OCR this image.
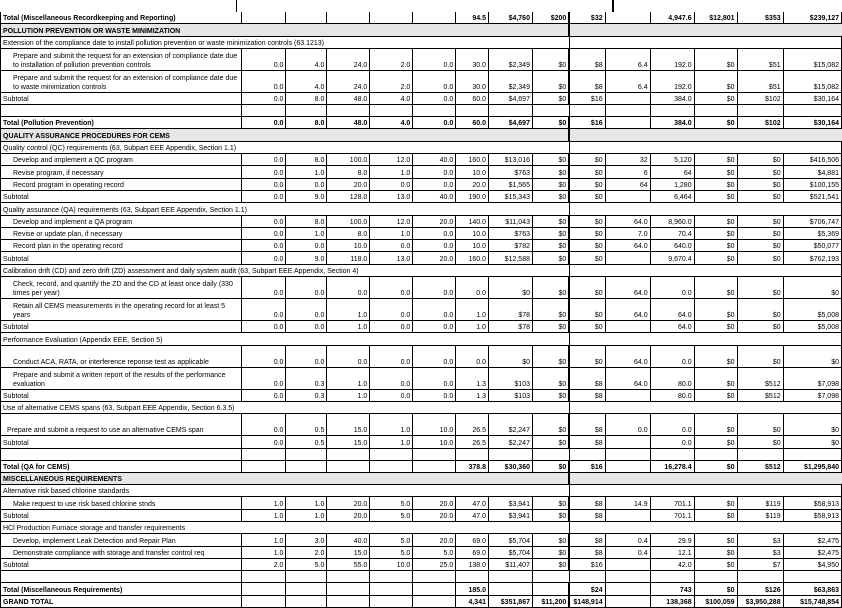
Total (Miscellaneous Recordkeeping and Reporting)						94.5	$4,760	$200	$32		4,947.6	$12,801	$353	$239,127
POLLUTION PREVENTION OR WASTE MINIMIZATION														
Extension of the compliance date to install pollution prevention or waste minimization controls (63.1213)														
Prepare and submit the request for an extension of compliance date due to installation of pollution prevention controls	0.0	4.0	24.0	2.0	0.0	30.0	$2,349	$0	$8	6.4	192.0	$0	$51	$15,082
Prepare and submit the request for an extension of compliance date due to waste minimization controls	0.0	4.0	24.0	2.0	0.0	30.0	$2,349	$0	$8	6.4	192.0	$0	$51	$15,082
Subtotal	0.0	8.0	48.0	4.0	0.0	60.0	$4,697	$0	$16		384.0	$0	$102	$30,164

Total (Pollution Prevention)	0.0	8.0	48.0	4.0	0.0	60.0	$4,697	$0	$16		384.0	$0	$102	$30,164
QUALITY ASSURANCE PROCEDURES FOR CEMS														
Quality control (QC) requirements (63, Subpart EEE Appendix, Section 1.1)														
Develop and implement a QC program	0.0	8.0	100.0	12.0	40.0	160.0	$13,016	$0	$0	32	5,120	$0	$0	$416,506
Revise program, if necessary	0.0	1.0	8.0	1.0	0.0	10.0	$763	$0	$0	6	64	$0	$0	$4,881
Record program in operating record	0.0	0.0	20.0	0.0	0.0	20.0	$1,565	$0	$0	64	1,280	$0	$0	$100,155
Subtotal	0.0	9.0	128.0	13.0	40.0	190.0	$15,343	$0	$0		6,464	$0	$0	$521,541
Quality assurance (QA) requirements (63, Subpart EEE Appendix, Section 1.1)														
Develop and implement a QA program	0.0	8.0	100.0	12.0	20.0	140.0	$11,043	$0	$0	64.0	8,960.0	$0	$0	$706,747
Revise or update plan, if necessary	0.0	1.0	8.0	1.0	0.0	10.0	$763	$0	$0	7.0	70.4	$0	$0	$5,369
Record plan in the operating record	0.0	0.0	10.0	0.0	0.0	10.0	$782	$0	$0	64.0	640.0	$0	$0	$50,077
Subtotal	0.0	9.0	118.0	13.0	20.0	160.0	$12,588	$0	$0		9,670.4	$0	$0	$762,193
Calibration drift (CD) and zero drift (ZD) assessment and daily system audit (63, Subpart EEE Appendix, Section 4)														
Check, record, and quantify the ZD and the CD at least once daily (330 times per year)	0.0	0.0	0.0	0.0	0.0	0.0	$0	$0	$0	64.0	0.0	$0	$0	$0
Retain all CEMS measurements in the operating record for at least 5 years	0.0	0.0	1.0	0.0	0.0	1.0	$78	$0	$0	64.0	64.0	$0	$0	$5,008
Subtotal	0.0	0.0	1.0	0.0	0.0	1.0	$78	$0	$0		64.0	$0	$0	$5,008
Performance Evaluation (Appendix EEE, Section 5)														
Conduct ACA, RATA, or interference reponse test as applicable	0.0	0.0	0.0	0.0	0.0	0.0	$0	$0	$0	64.0	0.0	$0	$0	$0
Prepare and submit a written report of the results of the performance evaluation	0.0	0.3	1.0	0.0	0.0	1.3	$103	$0	$8	64.0	80.0	$0	$512	$7,098
Subtotal	0.0	0.3	1.0	0.0	0.0	1.3	$103	$0	$8		80.0	$0	$512	$7,098
Use of alternative CEMS spans (63, Subpart EEE Appendix, Section 6.3.5)														
Prepare and submit a request to use an alternative CEMS span	0.0	0.5	15.0	1.0	10.0	26.5	$2,247	$0	$8	0.0	0.0	$0	$0	$0
Subtotal	0.0	0.5	15.0	1.0	10.0	26.5	$2,247	$0	$8		0.0	$0	$0	$0

Total (QA for CEMS)						378.8	$30,360	$0	$16		16,278.4	$0	$512	$1,295,840
MISCELLANEOUS REQUIREMENTS														
Alternative risk based chlorine standards														
Make request to use risk based chlorine stnds	1.0	1.0	20.0	5.0	20.0	47.0	$3,941	$0	$8	14.9	701.1	$0	$119	$58,913
Subtotal	1.0	1.0	20.0	5.0	20.0	47.0	$3,941	$0	$8		701.1	$0	$119	$58,913
HCl Production Furnace storage and transfer requirements														
Develop, implement Leak Detection and Repair Plan	1.0	3.0	40.0	5.0	20.0	69.0	$5,704	$0	$8	0.4	29.9	$0	$3	$2,475
Demonstrate compliance with storage and transfer control req	1.0	2.0	15.0	5.0	5.0	69.0	$5,704	$0	$8	0.4	12.1	$0	$3	$2,475
Subtotal	2.0	5.0	55.0	10.0	25.0	138.0	$11,407	$0	$16		42.0	$0	$7	$4,950

Total (Miscellaneous Requirements)						185.0			$24		743	$0	$126	$63,863
GRAND TOTAL						4,341	$351,867	$11,200	$148,914		138,368	$100,059	$3,950,288	$15,748,854
